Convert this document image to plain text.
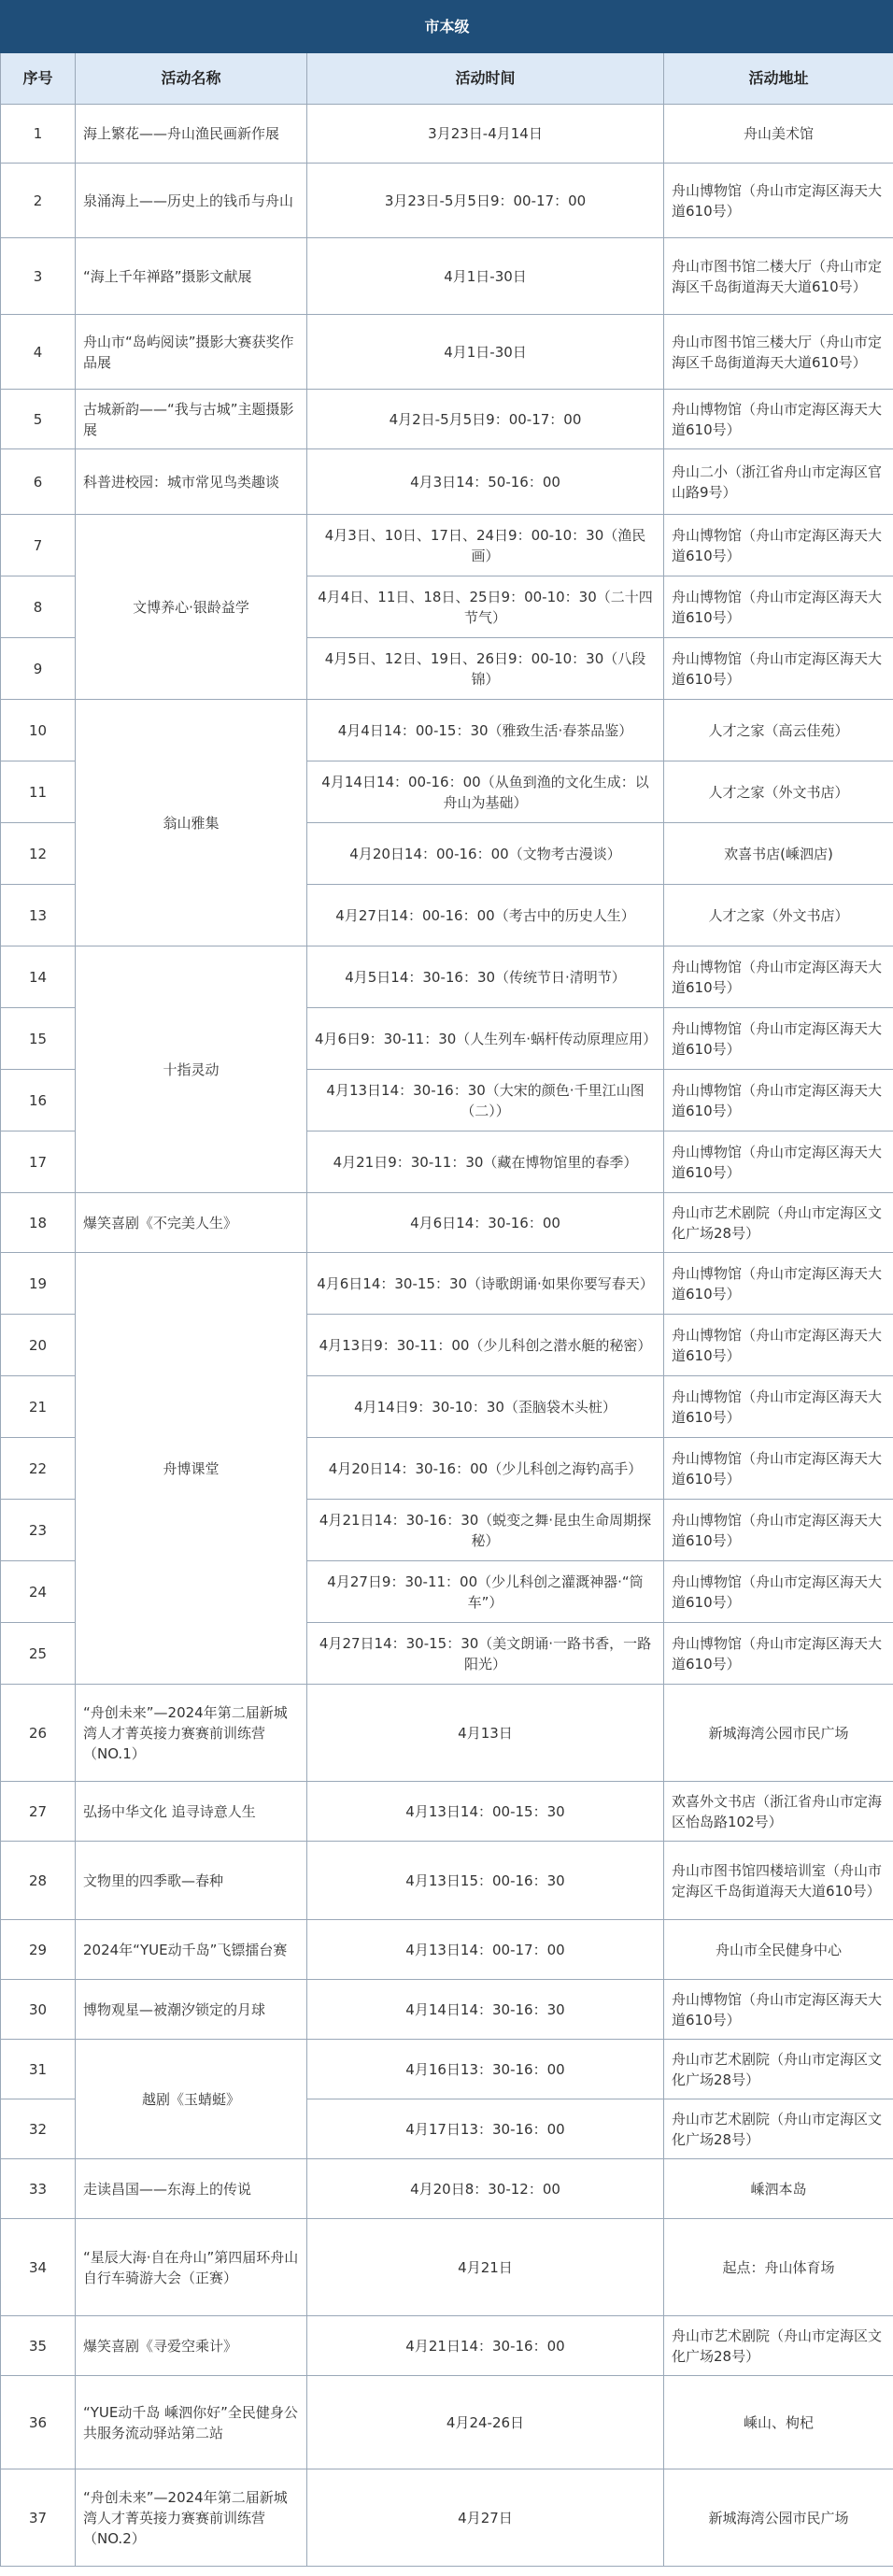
市本级			
序号	活动名称	活动时间	活动地址
1	海上繁花——舟山渔民画新作展	3月23日-4月14日	舟山美术馆
2	泉涌海上——历史上的钱币与舟山	3月23日-5月5日9：00-17：00	舟山博物馆（舟山市定海区海天大道610号）
3	“海上千年禅路”摄影文献展	4月1日-30日	舟山市图书馆二楼大厅（舟山市定海区千岛街道海天大道610号）
4	舟山市“岛屿阅读”摄影大赛获奖作品展	4月1日-30日	舟山市图书馆三楼大厅（舟山市定海区千岛街道海天大道610号）
5	古城新韵——“我与古城”主题摄影展	4月2日-5月5日9：00-17：00	舟山博物馆（舟山市定海区海天大道610号）
6	科普进校园：城市常见鸟类趣谈	4月3日14：50-16：00	舟山二小（浙江省舟山市定海区官山路9号）
7	文博养心·银龄益学	4月3日、10日、17日、24日9：00-10：30（渔民画）	舟山博物馆（舟山市定海区海天大道610号）
8		4月4日、11日、18日、25日9：00-10：30（二十四节气）	舟山博物馆（舟山市定海区海天大道610号）
9		4月5日、12日、19日、26日9：00-10：30（八段锦）	舟山博物馆（舟山市定海区海天大道610号）
10	翁山雅集	4月4日14：00-15：30（雅致生活·春茶品鉴）	人才之家（高云佳苑）
11		4月14日14：00-16：00（从鱼到渔的文化生成：以舟山为基础）	人才之家（外文书店）
12		4月20日14：00-16：00（文物考古漫谈）	欢喜书店(嵊泗店)
13		4月27日14：00-16：00（考古中的历史人生）	人才之家（外文书店）
14	十指灵动	4月5日14：30-16：30（传统节日·清明节）	舟山博物馆（舟山市定海区海天大道610号）
15		4月6日9：30-11：30（人生列车·蜗杆传动原理应用）	舟山博物馆（舟山市定海区海天大道610号）
16		4月13日14：30-16：30（大宋的颜色·千里江山图（二））	舟山博物馆（舟山市定海区海天大道610号）
17		4月21日9：30-11：30（藏在博物馆里的春季）	舟山博物馆（舟山市定海区海天大道610号）
18	爆笑喜剧《不完美人生》	4月6日14：30-16：00	舟山市艺术剧院（舟山市定海区文化广场28号）
19	舟博课堂	4月6日14：30-15：30（诗歌朗诵·如果你要写春天）	舟山博物馆（舟山市定海区海天大道610号）
20		4月13日9：30-11：00（少儿科创之潜水艇的秘密）	舟山博物馆（舟山市定海区海天大道610号）
21		4月14日9：30-10：30（歪脑袋木头桩）	舟山博物馆（舟山市定海区海天大道610号）
22		4月20日14：30-16：00（少儿科创之海钓高手）	舟山博物馆（舟山市定海区海天大道610号）
23		4月21日14：30-16：30（蜕变之舞·昆虫生命周期探秘）	舟山博物馆（舟山市定海区海天大道610号）
24		4月27日9：30-11：00（少儿科创之灌溉神器·“筒车”）	舟山博物馆（舟山市定海区海天大道610号）
25		4月27日14：30-15：30（美文朗诵·一路书香，一路阳光）	舟山博物馆（舟山市定海区海天大道610号）
26	“舟创未来”—2024年第二届新城湾人才菁英接力赛赛前训练营（NO.1）	4月13日	新城海湾公园市民广场
27	弘扬中华文化 追寻诗意人生	4月13日14：00-15：30	欢喜外文书店（浙江省舟山市定海区怡岛路102号）
28	文物里的四季歌—春种	4月13日15：00-16：30	舟山市图书馆四楼培训室（舟山市定海区千岛街道海天大道610号）
29	2024年“YUE动千岛”飞镖擂台赛	4月13日14：00-17：00	舟山市全民健身中心
30	博物观星—被潮汐锁定的月球	4月14日14：30-16：30	舟山博物馆（舟山市定海区海天大道610号）
31	越剧《玉蜻蜓》	4月16日13：30-16：00	舟山市艺术剧院（舟山市定海区文化广场28号）
32		4月17日13：30-16：00	舟山市艺术剧院（舟山市定海区文化广场28号）
33	走读昌国——东海上的传说	4月20日8：30-12：00	嵊泗本岛
34	“星辰大海·自在舟山”第四届环舟山自行车骑游大会（正赛）	4月21日	起点：舟山体育场
35	爆笑喜剧《寻爱空乘计》	4月21日14：30-16：00	舟山市艺术剧院（舟山市定海区文化广场28号）
36	“YUE动千岛 嵊泗你好”全民健身公共服务流动驿站第二站	4月24-26日	嵊山、枸杞
37	“舟创未来”—2024年第二届新城湾人才菁英接力赛赛前训练营（NO.2）	4月27日	新城海湾公园市民广场
